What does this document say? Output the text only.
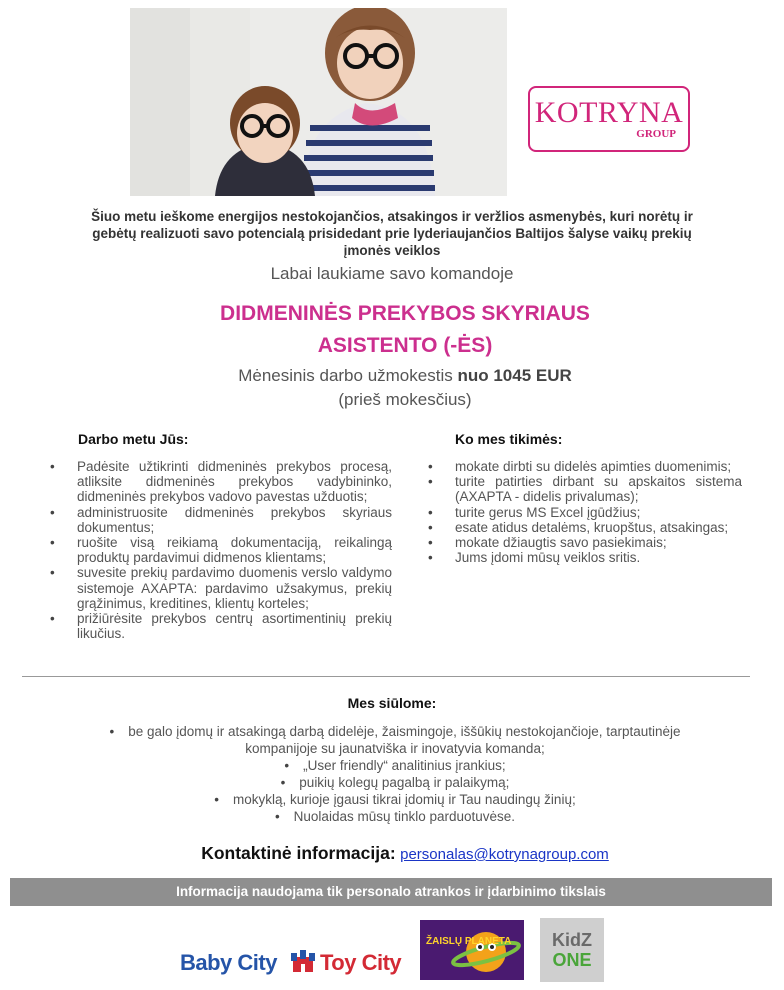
KOTRYNA
GROUP
Šiuo metu ieškome energijos nestokojančios, atsakingos ir veržlios asmenybės, kuri norėtų ir gebėtų realizuoti savo potencialą prisidedant prie lyderiaujančios Baltijos šalyse vaikų prekių įmonės veiklos
Labai laukiame savo komandoje
DIDMENINĖS PREKYBOS SKYRIAUS
ASISTENTO (-ĖS)
Mėnesinis darbo užmokestis nuo 1045 EUR
(prieš mokesčius)
Darbo metu Jūs:
• Padėsite užtikrinti didmeninės prekybos procesą, atliksite didmeninės prekybos vadybininko, didmeninės prekybos vadovo pavestas užduotis;
• administruosite didmeninės prekybos skyriaus dokumentus;
• ruošite visą reikiamą dokumentaciją, reikalingą produktų pardavimui didmenos klientams;
• suvesite prekių pardavimo duomenis verslo valdymo sistemoje AXAPTA: pardavimo užsakymus, prekių grąžinimus, kreditines, klientų korteles;
• prižiūrėsite prekybos centrų asortimentinių prekių likučius.
Ko mes tikimės:
• mokate dirbti su didelės apimties duomenimis;
• turite patirties dirbant su apskaitos sistema (AXAPTA - didelis privalumas);
• turite gerus MS Excel įgūdžius;
• esate atidus detalėms, kruopštus, atsakingas;
• mokate džiaugtis savo pasiekimais;
• Jums įdomi mūsų veiklos sritis.
Mes siūlome:
• be galo įdomų ir atsakingą darbą didelėje, žaismingoje, iššūkių nestokojančioje, tarptautinėje kompanijoje su jaunatviška ir inovatyvia komanda;
• „User friendly“ analitinius įrankius;
• puikių kolegų pagalbą ir palaikymą;
• mokyklą, kurioje įgausi tikrai įdomių ir Tau naudingų žinių;
• Nuolaidas mūsų tinklo parduotuvėse.
Kontaktinė informacija: personalas@kotrynagroup.com
Informacija naudojama tik personalo atrankos ir įdarbinimo tikslais
Baby City Toy City
ŽAISLŲ PLANETA	KidZ
ONE
